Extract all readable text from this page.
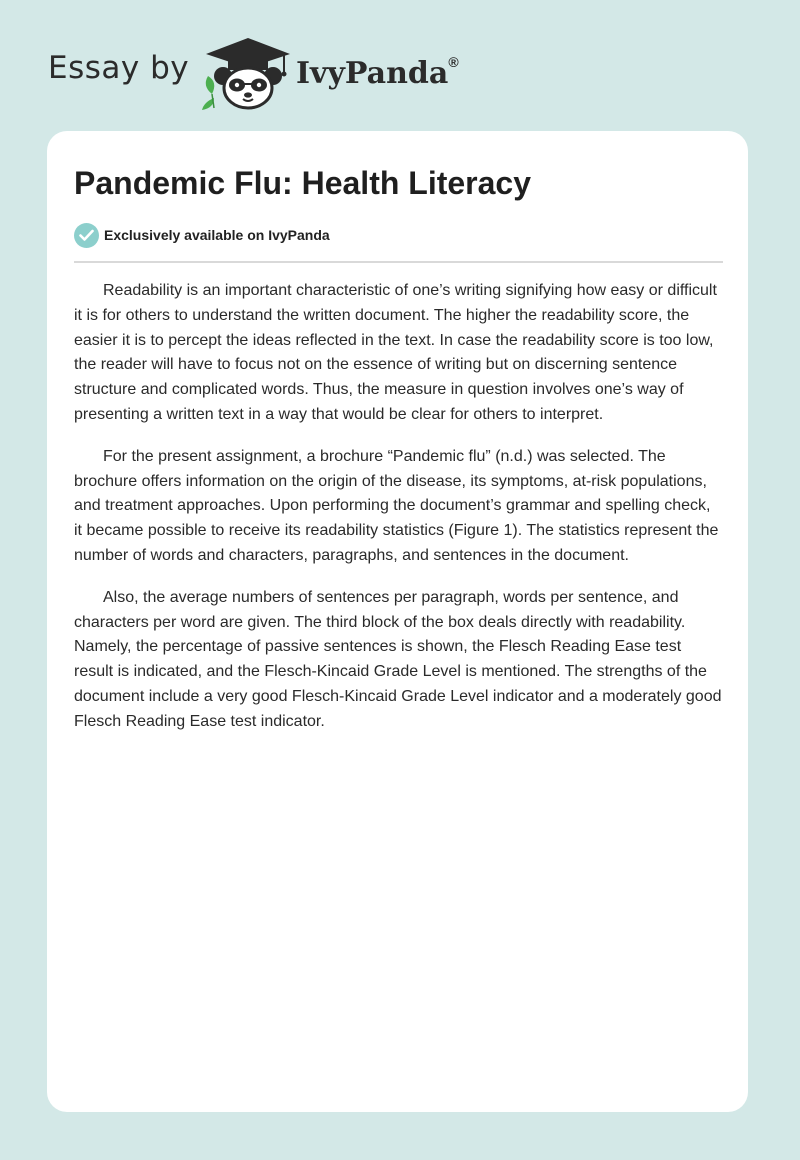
Essay by	IvyPanda®
Pandemic Flu: Health Literacy
Exclusively available on IvyPanda

Readability is an important characteristic of one’s writing signifying how easy or difficult it is for others to understand the written document. The higher the readability score, the easier it is to percept the ideas reflected in the text. In case the readability score is too low, the reader will have to focus not on the essence of writing but on discerning sentence structure and complicated words. Thus, the measure in question involves one’s way of presenting a written text in a way that would be clear for others to interpret.

For the present assignment, a brochure “Pandemic flu” (n.d.) was selected. The brochure offers information on the origin of the disease, its symptoms, at-risk populations, and treatment approaches. Upon performing the document’s grammar and spelling check, it became possible to receive its readability statistics (Figure 1). The statistics represent the number of words and characters, paragraphs, and sentences in the document.

Also, the average numbers of sentences per paragraph, words per sentence, and characters per word are given. The third block of the box deals directly with readability. Namely, the percentage of passive sentences is shown, the Flesch Reading Ease test result is indicated, and the Flesch-Kincaid Grade Level is mentioned. The strengths of the document include a very good Flesch-Kincaid Grade Level indicator and a moderately good Flesch Reading Ease test indicator.
